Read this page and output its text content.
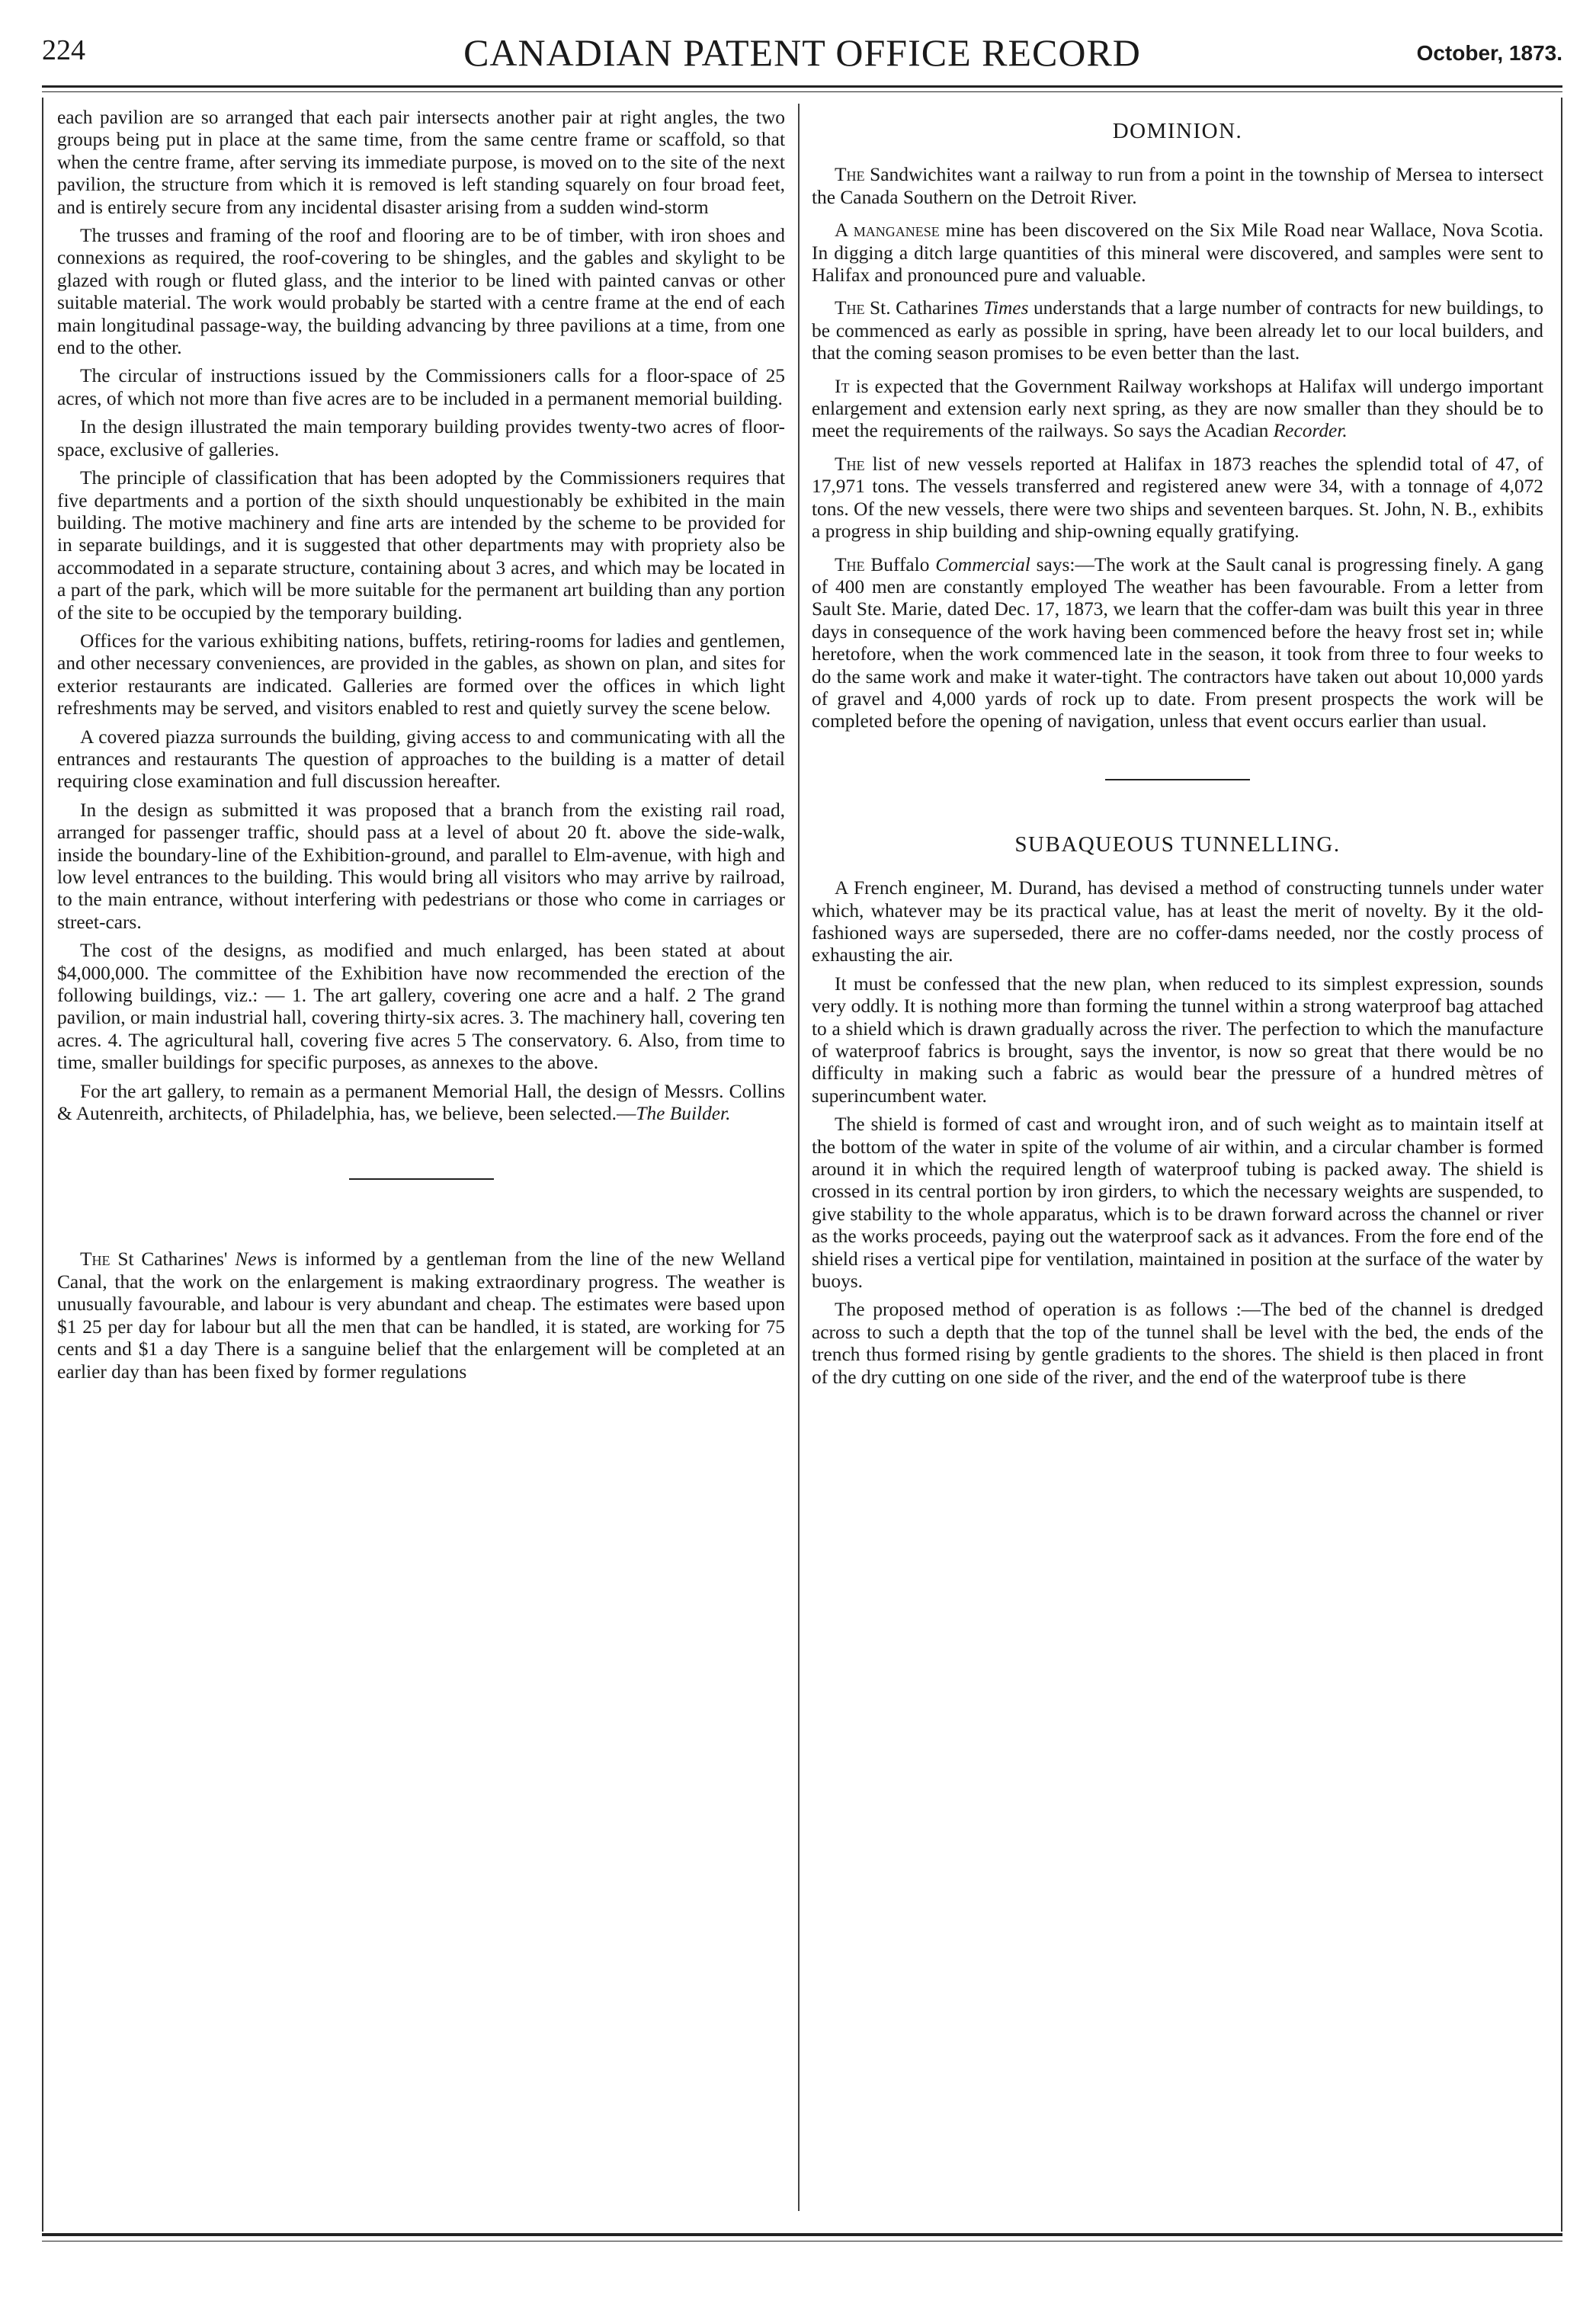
224	CANADIAN PATENT OFFICE RECORD	October, 1873.

each pavilion are so arranged that each pair intersects another pair at right angles, the two groups being put in place at the same time, from the same centre frame or scaffold, so that when the centre frame, after serving its immediate purpose, is moved on to the site of the next pavilion, the structure from which it is removed is left standing squarely on four broad feet, and is entirely secure from any incidental disaster arising from a sudden wind-storm

The trusses and framing of the roof and flooring are to be of timber, with iron shoes and connexions as required, the roof-covering to be shingles, and the gables and skylight to be glazed with rough or fluted glass, and the interior to be lined with painted canvas or other suitable material. The work would probably be started with a centre frame at the end of each main longitudinal passage-way, the building advancing by three pavilions at a time, from one end to the other.

The circular of instructions issued by the Commissioners calls for a floor-space of 25 acres, of which not more than five acres are to be included in a permanent memorial building.

In the design illustrated the main temporary building provides twenty-two acres of floor-space, exclusive of galleries.

The principle of classification that has been adopted by the Commissioners requires that five departments and a portion of the sixth should unquestionably be exhibited in the main building. The motive machinery and fine arts are intended by the scheme to be provided for in separate buildings, and it is suggested that other departments may with propriety also be accommodated in a separate structure, containing about 3 acres, and which may be located in a part of the park, which will be more suitable for the permanent art building than any portion of the site to be occupied by the temporary building.

Offices for the various exhibiting nations, buffets, retiring-rooms for ladies and gentlemen, and other necessary conveniences, are provided in the gables, as shown on plan, and sites for exterior restaurants are indicated. Galleries are formed over the offices in which light refreshments may be served, and visitors enabled to rest and quietly survey the scene below.

A covered piazza surrounds the building, giving access to and communicating with all the entrances and restaurants The question of approaches to the building is a matter of detail requiring close examination and full discussion hereafter.

In the design as submitted it was proposed that a branch from the existing rail road, arranged for passenger traffic, should pass at a level of about 20 ft. above the side-walk, inside the boundary-line of the Exhibition-ground, and parallel to Elm-avenue, with high and low level entrances to the building. This would bring all visitors who may arrive by railroad, to the main entrance, without interfering with pedestrians or those who come in carriages or street-cars.

The cost of the designs, as modified and much enlarged, has been stated at about $4,000,000. The committee of the Exhibition have now recommended the erection of the following buildings, viz.: — 1. The art gallery, covering one acre and a half. 2 The grand pavilion, or main industrial hall, covering thirty-six acres. 3. The machinery hall, covering ten acres. 4. The agricultural hall, covering five acres 5 The conservatory. 6. Also, from time to time, smaller buildings for specific purposes, as annexes to the above.

For the art gallery, to remain as a permanent Memorial Hall, the design of Messrs. Collins & Autenreith, architects, of Philadelphia, has, we believe, been selected.—The Builder.

The St Catharines' News is informed by a gentleman from the line of the new Welland Canal, that the work on the enlargement is making extraordinary progress. The weather is unusually favourable, and labour is very abundant and cheap. The estimates were based upon $1 25 per day for labour but all the men that can be handled, it is stated, are working for 75 cents and $1 a day There is a sanguine belief that the enlargement will be completed at an earlier day than has been fixed by former regulations

DOMINION.

The Sandwichites want a railway to run from a point in the township of Mersea to intersect the Canada Southern on the Detroit River.

A manganese mine has been discovered on the Six Mile Road near Wallace, Nova Scotia. In digging a ditch large quantities of this mineral were discovered, and samples were sent to Halifax and pronounced pure and valuable.

The St. Catharines Times understands that a large number of contracts for new buildings, to be commenced as early as possible in spring, have been already let to our local builders, and that the coming season promises to be even better than the last.

It is expected that the Government Railway workshops at Halifax will undergo important enlargement and extension early next spring, as they are now smaller than they should be to meet the requirements of the railways. So says the Acadian Recorder.

The list of new vessels reported at Halifax in 1873 reaches the splendid total of 47, of 17,971 tons. The vessels transferred and registered anew were 34, with a tonnage of 4,072 tons. Of the new vessels, there were two ships and seventeen barques. St. John, N. B., exhibits a progress in ship building and ship-owning equally gratifying.

The Buffalo Commercial says:—The work at the Sault canal is progressing finely. A gang of 400 men are constantly employed The weather has been favourable. From a letter from Sault Ste. Marie, dated Dec. 17, 1873, we learn that the coffer-dam was built this year in three days in consequence of the work having been commenced before the heavy frost set in; while heretofore, when the work commenced late in the season, it took from three to four weeks to do the same work and make it water-tight. The contractors have taken out about 10,000 yards of gravel and 4,000 yards of rock up to date. From present prospects the work will be completed before the opening of navigation, unless that event occurs earlier than usual.

SUBAQUEOUS TUNNELLING.

A French engineer, M. Durand, has devised a method of constructing tunnels under water which, whatever may be its practical value, has at least the merit of novelty. By it the old-fashioned ways are superseded, there are no coffer-dams needed, nor the costly process of exhausting the air.

It must be confessed that the new plan, when reduced to its simplest expression, sounds very oddly. It is nothing more than forming the tunnel within a strong waterproof bag attached to a shield which is drawn gradually across the river. The perfection to which the manufacture of waterproof fabrics is brought, says the inventor, is now so great that there would be no difficulty in making such a fabric as would bear the pressure of a hundred mètres of superincumbent water.

The shield is formed of cast and wrought iron, and of such weight as to maintain itself at the bottom of the water in spite of the volume of air within, and a circular chamber is formed around it in which the required length of waterproof tubing is packed away. The shield is crossed in its central portion by iron girders, to which the necessary weights are suspended, to give stability to the whole apparatus, which is to be drawn forward across the channel or river as the works proceeds, paying out the waterproof sack as it advances. From the fore end of the shield rises a vertical pipe for ventilation, maintained in position at the surface of the water by buoys.

The proposed method of operation is as follows :—The bed of the channel is dredged across to such a depth that the top of the tunnel shall be level with the bed, the ends of the trench thus formed rising by gentle gradients to the shores. The shield is then placed in front of the dry cutting on one side of the river, and the end of the waterproof tube is there
